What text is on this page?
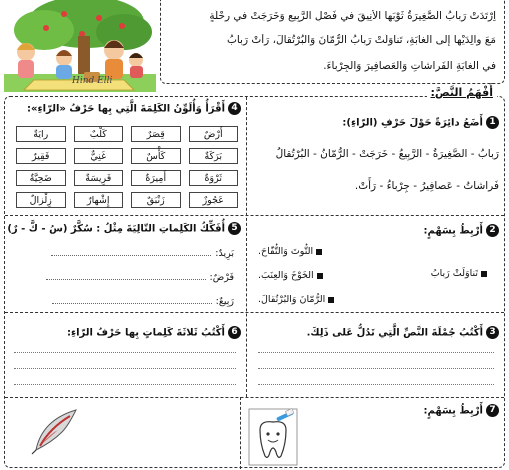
Hind Elli
اِرْتَدَتْ رَبابُ الصَّغِيرَةُ ثَوْبَها الأَنِيقَ في فَصْلِ الرَّبِيعِ وَخَرَجَتْ في رِحْلَةٍ
مَعَ والِدَيْها إلى الغابَةِ، تَناوَلَتْ رَبابُ الرُّمّانَ وَالبُرْتُقالَ، رَأَتْ رَبابُ
في الغابَةِ الفَراشاتِ وَالعَصافِيرَ وَالجِرْباءَ.
أَفْهَمُ النَّصَّ:
1أَضَعُ دائِرَةً حَوْلَ حَرْفِ (الرّاءِ):
رَبابُ - الصَّغِيرَةُ - الرَّبِيعُ - خَرَجَتْ - الرُّمّانُ - البُرْتُقالُ
فَراشاتُ - عَصافِيرُ - جِرْباءُ - رَأَتْ.
4أَقْرَأُ وَأُلَوِّنُ الكَلِمَةَ الَّتِي بِها حَرْفُ «الرّاءِ»:
أَرْضٌ
قِصَرٌ
كَلْبٌ
رايَةٌ
بَرَكَةٌ
كَأْسٌ
غَنِيٌّ
فَقِيرٌ
ثَرْوَةٌ
أَمِيرَةٌ
فَرِيسَةٌ
ضَحِيَّةٌ
عَجُوزٌ
زَنْبَقٌ
إِشْهارٌ
زِلْزالٌ
2أَرْبِطُ بِسَهْمٍ:
التُّوتَ وَالتُّفّاحَ.
الخَوْخَ وَالعِنَبَ.
الرُّمّانَ وَالبُرْتُقالَ.
تَناوَلَتْ رَبابُ
5أُفَكِّكُ الكَلِماتِ التّالِيَةَ مِثْلُ : سُكَّرٌ (سُ - كَّ - رٌ)
بَرِيدٌ:
فَرْضٌ:
رَبِيعٌ:
3أَكْتُبُ جُمْلَةَ النَّصِّ الَّتِي تَدُلُّ عَلى ذَلِكَ.
6أَكْتُبُ ثَلاثَةَ كَلِماتٍ بِها حَرْفُ الرّاءِ:
7أَرْبِطُ بِسَهْمٍ:
